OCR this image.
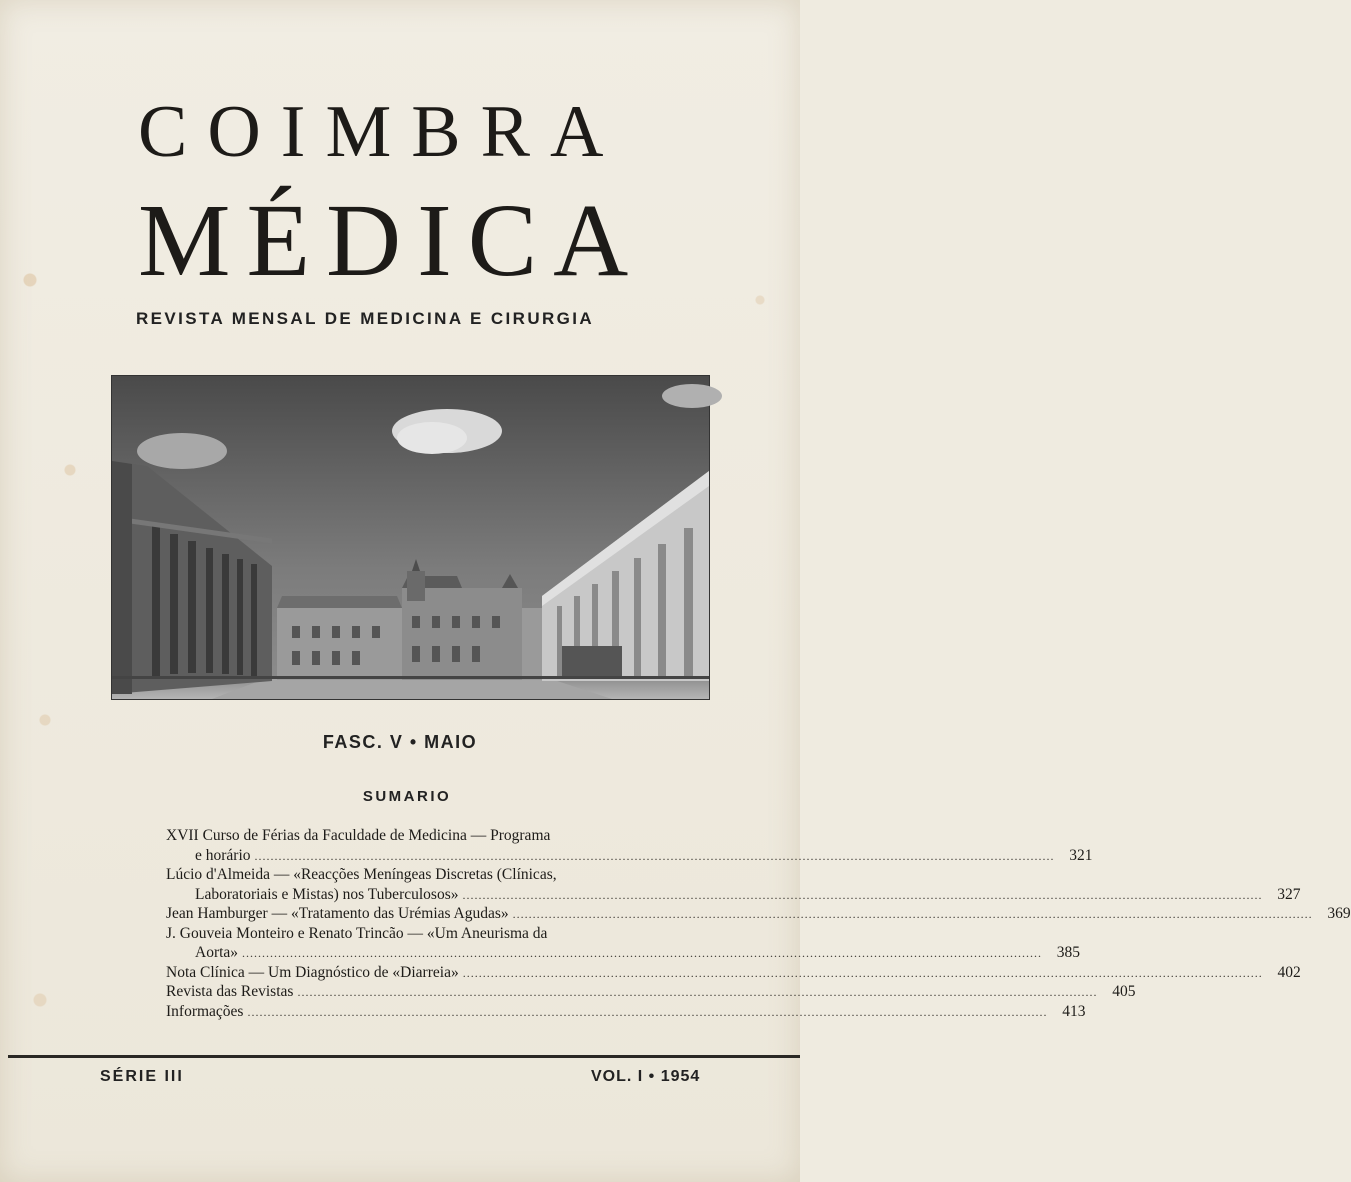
COIMBRA
MÉDICA
REVISTA MENSAL DE MEDICINA E CIRURGIA
FASC. V • MAIO
SUMARIO
XVII Curso de Férias da Faculdade de Medicina — Programa
e horário ........................................................................................................................................................................................................ 321
Lúcio d'Almeida — «Reacções Meníngeas Discretas (Clínicas,
Laboratoriais e Mistas) nos Tuberculosos» ........................................................................................................................................................................................................ 327
Jean Hamburger — «Tratamento das Urémias Agudas» ........................................................................................................................................................................................................ 369
J. Gouveia Monteiro e Renato Trincão — «Um Aneurisma da
Aorta» ........................................................................................................................................................................................................ 385
Nota Clínica — Um Diagnóstico de «Diarreia» ........................................................................................................................................................................................................ 402
Revista das Revistas ........................................................................................................................................................................................................ 405
Informações ........................................................................................................................................................................................................ 413
SÉRIE III	VOL. I • 1954
